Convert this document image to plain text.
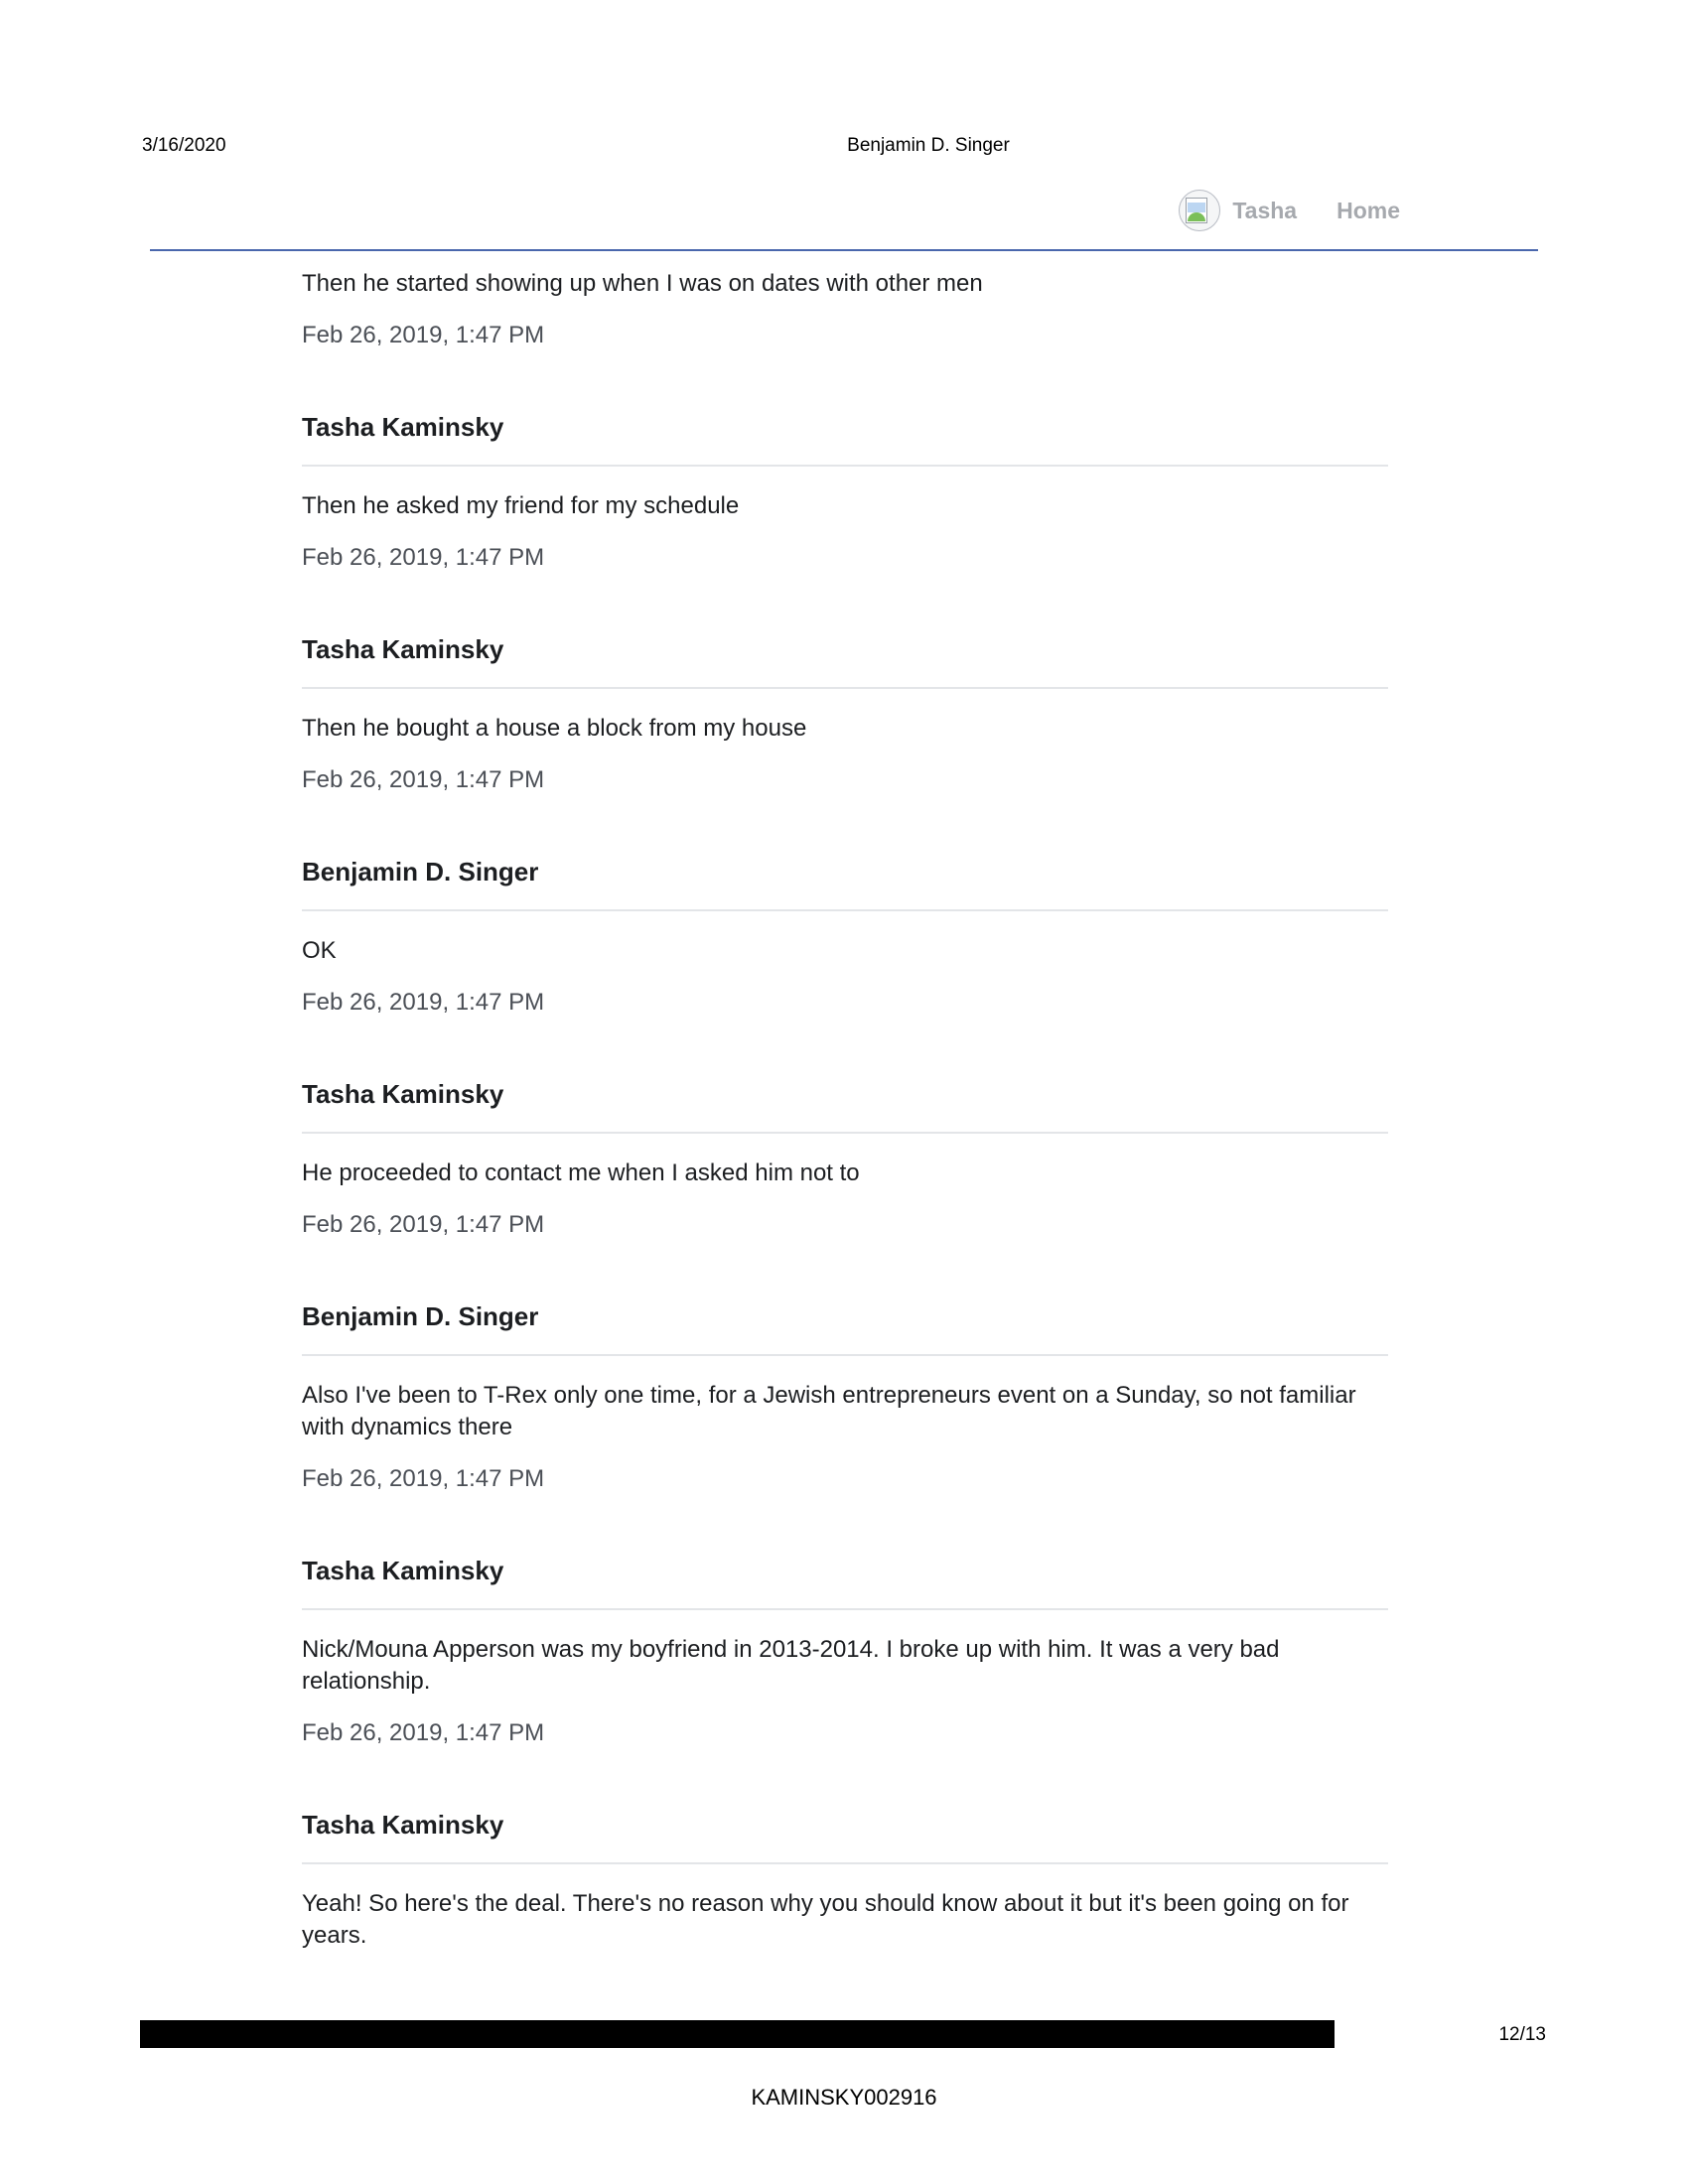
3/16/2020	Benjamin D. Singer
Tasha Home

Then he started showing up when I was on dates with other men

Feb 26, 2019, 1:47 PM

Tasha Kaminsky

Then he asked my friend for my schedule

Feb 26, 2019, 1:47 PM

Tasha Kaminsky

Then he bought a house a block from my house

Feb 26, 2019, 1:47 PM

Benjamin D. Singer

OK

Feb 26, 2019, 1:47 PM

Tasha Kaminsky

He proceeded to contact me when I asked him not to

Feb 26, 2019, 1:47 PM

Benjamin D. Singer

Also I've been to T-Rex only one time, for a Jewish entrepreneurs event on a Sunday, so not familiar with dynamics there

Feb 26, 2019, 1:47 PM

Tasha Kaminsky

Nick/Mouna Apperson was my boyfriend in 2013-2014. I broke up with him. It was a very bad relationship.

Feb 26, 2019, 1:47 PM

Tasha Kaminsky

Yeah! So here's the deal. There's no reason why you should know about it but it's been going on for years.

12/13
KAMINSKY002916
